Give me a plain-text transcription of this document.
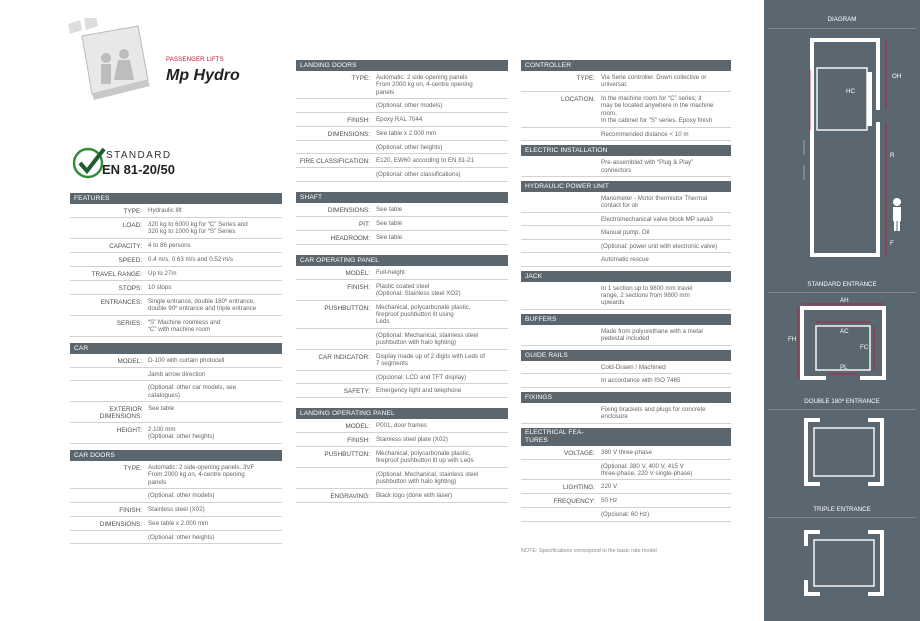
PASSENGER LIFTS
Mp Hydro
STANDARD
EN 81-20/50
FEATURES
TYPE: Hydraulic lift
LOAD: 320 kg to 6000 kg for “C” Series and
320 kg to 1000 kg for “S” Series
CAPACITY: 4 to 86 persons
SPEED: 0.4 m/s, 0.63 m/s and 0.52 m/s
TRAVEL RANGE: Up to 27m
STOPS: 10 stops
ENTRANCES: Single entrance, double 180º entrance,
double 90º entrance and triple entrance
SERIES: “S” Machine roomless and
“C” with machine room
CAR
MODEL: D-100 with curtain photocell
Jamb arrow direction
(Optional: other car models, see
catalogues)
EXTERIOR
DIMENSIONS:
See table
HEIGHT: 2.100 mm
(Optional: other heights)
CAR DOORS
TYPE: Automatic: 2 side-opening panels. 3VF
From 2000 kg on, 4-centre opening
panels
(Optional: other models)
FINISH: Stainless steel (X02)
DIMENSIONS: See table x 2.000 mm
(Optional: other heights)
LANDING DOORS
TYPE: Automatic: 2 side-opening panels
From 2000 kg on, 4-centre opening
panels
(Optional: other models)
FINISH: Epoxy RAL 7044
DIMENSIONS: See table x 2.000 mm
(Optional: other heights)
FIRE CLASSIFICATION: E120, EW60 according to EN 81-21
(Optional: other classifications)
SHAFT
DIMENSIONS: See table
PIT: See table
HEADROOM: See table
CAR OPERATING PANEL
MODEL: Full-height
FINISH: Plastic coated steel
(Optional: Stainless steel XO2)
PUSHBUTTON: Mechanical, polycarbonate plastic,
fireproof pushbutton lit using
Leds
(Optional: Mechanical, stainless steel
pushbutton with halo lighting)
CAR INDICATOR: Display made up of 2 digits with Leds of
7 segments
(Opcional: LCD and TFT display)
SAFETY: Emergency light and telephone
LANDING OPERATING PANEL
MODEL: P001, door frames
FINISH: Stainless steel plate (X02)
PUSHBUTTON: Mechanical, polycarbonate plastic,
fireproof pushbutton lit up with Leds
(Optional: Mechanical, stainless steel
pushbutton with halo lighting)
ENGRAVING: Black logo (done with laser)
CONTROLLER
TYPE: Via Serie controller. Down collective or
universal.
LOCATION: In the machine room for “C” series; it
may be located anywhere in the machine
room.
In the cabinet for “S” series. Epoxy finish
Recommended distance < 10 m
ELECTRIC INSTALLATION
Pre-assembled with “Plug & Play”
connectors
HYDRAULIC POWER UNIT
Manometer - Motor thermistor Thermal
contact for oil
Electromechanical valve block MP sava3
Manual pump. Oil
(Optional: power unit with electronic valve)
Automatic rescue
JACK
In 1 section up to 9800 mm travel
range, 2 sections from 9800 mm
upwards
BUFFERS
Made from polyurethane with a metal
pedestal included
GUIDE RAILS
Cold-Drawn / Machined
In accordance with ISO 7465
FIXINGS
Fixing brackets and plugs for concrete
enclosure
ELECTRICAL FEA-
TURES
VOLTAGE: 380 V three-phase
(Optional: 380 V, 400 V, 415 V
three-phase, 220 V single-phase)
LIGHTING: 220 V
FREQUENCY: 50 Hz
(Opcional: 60 Hz)
NOTE: Specifications correspond to the basic rate model
DIAGRAM
HC
OH
R
F
STANDARD ENTRANCE
AH
FH
AC
FC
PL
DOUBLE 180º ENTRANCE
TRIPLE ENTRANCE
